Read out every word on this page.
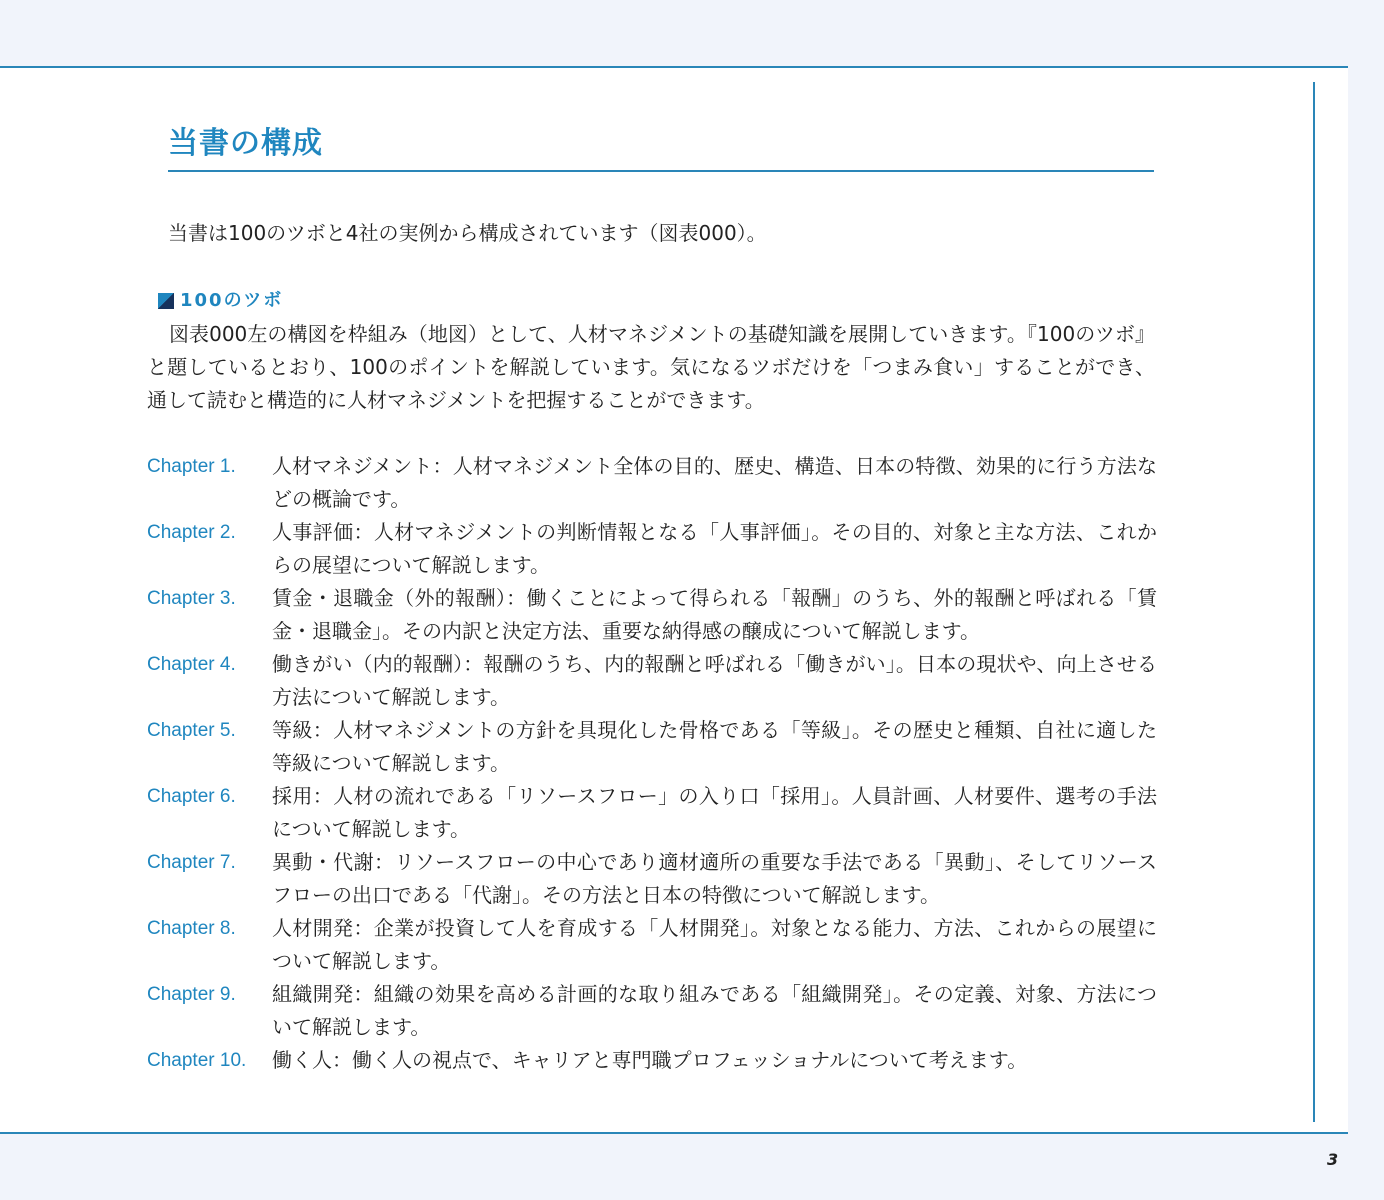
当書の構成
当書は100のツボと4社の実例から構成されています（図表000）。
100のツボ
図表000左の構図を枠組み（地図）として、人材マネジメントの基礎知識を展開していきます。『100のツボ』と題しているとおり、100のポイントを解説しています。気になるツボだけを「つまみ食い」することができ、通して読むと構造的に人材マネジメントを把握することができます。
Chapter 1.	人材マネジメント：人材マネジメント全体の目的、歴史、構造、日本の特徴、効果的に行う方法などの概論です。
Chapter 2.	人事評価：人材マネジメントの判断情報となる「人事評価」。その目的、対象と主な方法、これからの展望について解説します。
Chapter 3.	賃金・退職金（外的報酬）：働くことによって得られる「報酬」のうち、外的報酬と呼ばれる「賃金・退職金」。その内訳と決定方法、重要な納得感の醸成について解説します。
Chapter 4.	働きがい（内的報酬）：報酬のうち、内的報酬と呼ばれる「働きがい」。日本の現状や、向上させる方法について解説します。
Chapter 5.	等級：人材マネジメントの方針を具現化した骨格である「等級」。その歴史と種類、自社に適した等級について解説します。
Chapter 6.	採用：人材の流れである「リソースフロー」の入り口「採用」。人員計画、人材要件、選考の手法について解説します。
Chapter 7.	異動・代謝：リソースフローの中心であり適材適所の重要な手法である「異動」、そしてリソースフローの出口である「代謝」。その方法と日本の特徴について解説します。
Chapter 8.	人材開発：企業が投資して人を育成する「人材開発」。対象となる能力、方法、これからの展望について解説します。
Chapter 9.	組織開発：組織の効果を高める計画的な取り組みである「組織開発」。その定義、対象、方法について解説します。
Chapter 10.	働く人：働く人の視点で、キャリアと専門職プロフェッショナルについて考えます。
3
